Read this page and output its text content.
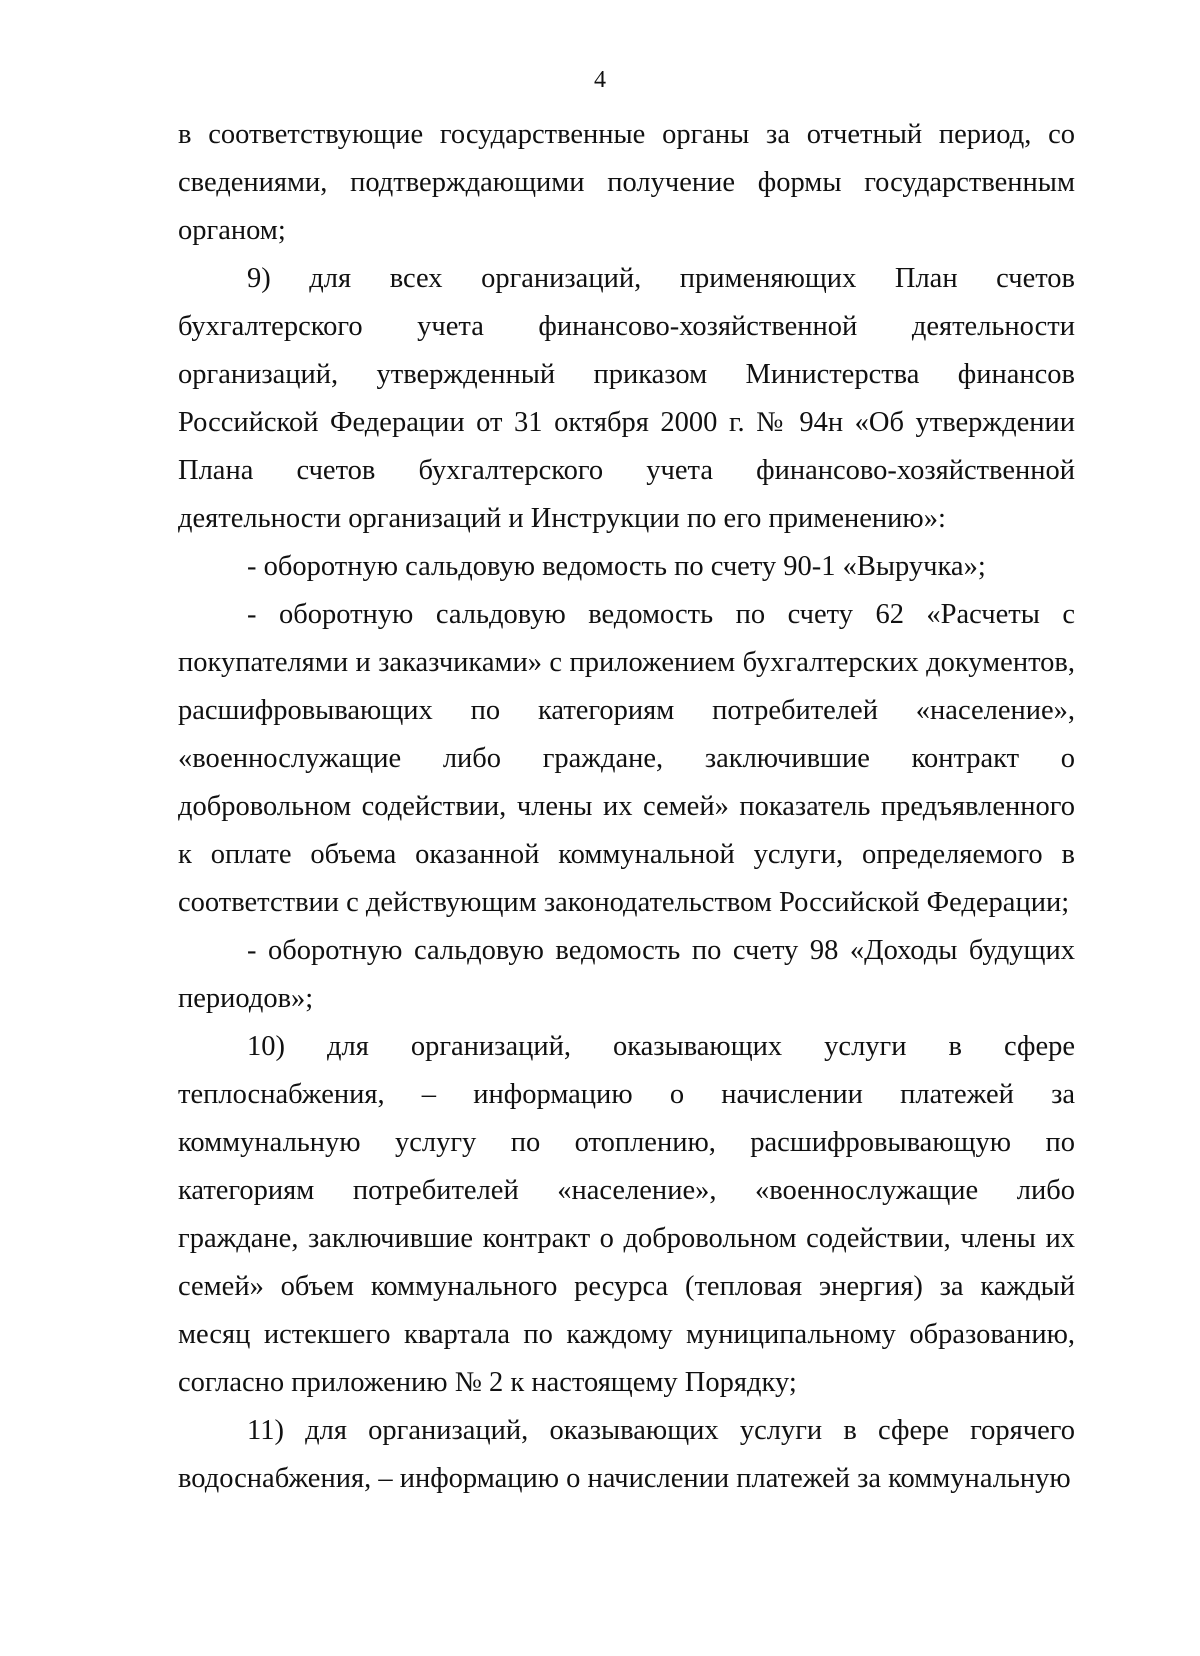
4

в соответствующие государственные органы за отчетный период, со сведениями, подтверждающими получение формы государственным органом;

9) для всех организаций, применяющих План счетов бухгалтерского учета финансово-хозяйственной деятельности организаций, утвержденный приказом Министерства финансов Российской Федерации от 31 октября 2000 г. № 94н «Об утверждении Плана счетов бухгалтерского учета финансово-хозяйственной деятельности организаций и Инструкции по его применению»:

- оборотную сальдовую ведомость по счету 90-1 «Выручка»;

- оборотную сальдовую ведомость по счету 62 «Расчеты с покупателями и заказчиками» с приложением бухгалтерских документов, расшифровывающих по категориям потребителей «население», «военнослужащие либо граждане, заключившие контракт о добровольном содействии, члены их семей» показатель предъявленного к оплате объема оказанной коммунальной услуги, определяемого в соответствии с действующим законодательством Российской Федерации;

- оборотную сальдовую ведомость по счету 98 «Доходы будущих периодов»;

10) для организаций, оказывающих услуги в сфере теплоснабжения, – информацию о начислении платежей за коммунальную услугу по отоплению, расшифровывающую по категориям потребителей «население», «военнослужащие либо граждане, заключившие контракт о добровольном содействии, члены их семей» объем коммунального ресурса (тепловая энергия) за каждый месяц истекшего квартала по каждому муниципальному образованию, согласно приложению № 2 к настоящему Порядку;

11) для организаций, оказывающих услуги в сфере горячего водоснабжения, – информацию о начислении платежей за коммунальную
